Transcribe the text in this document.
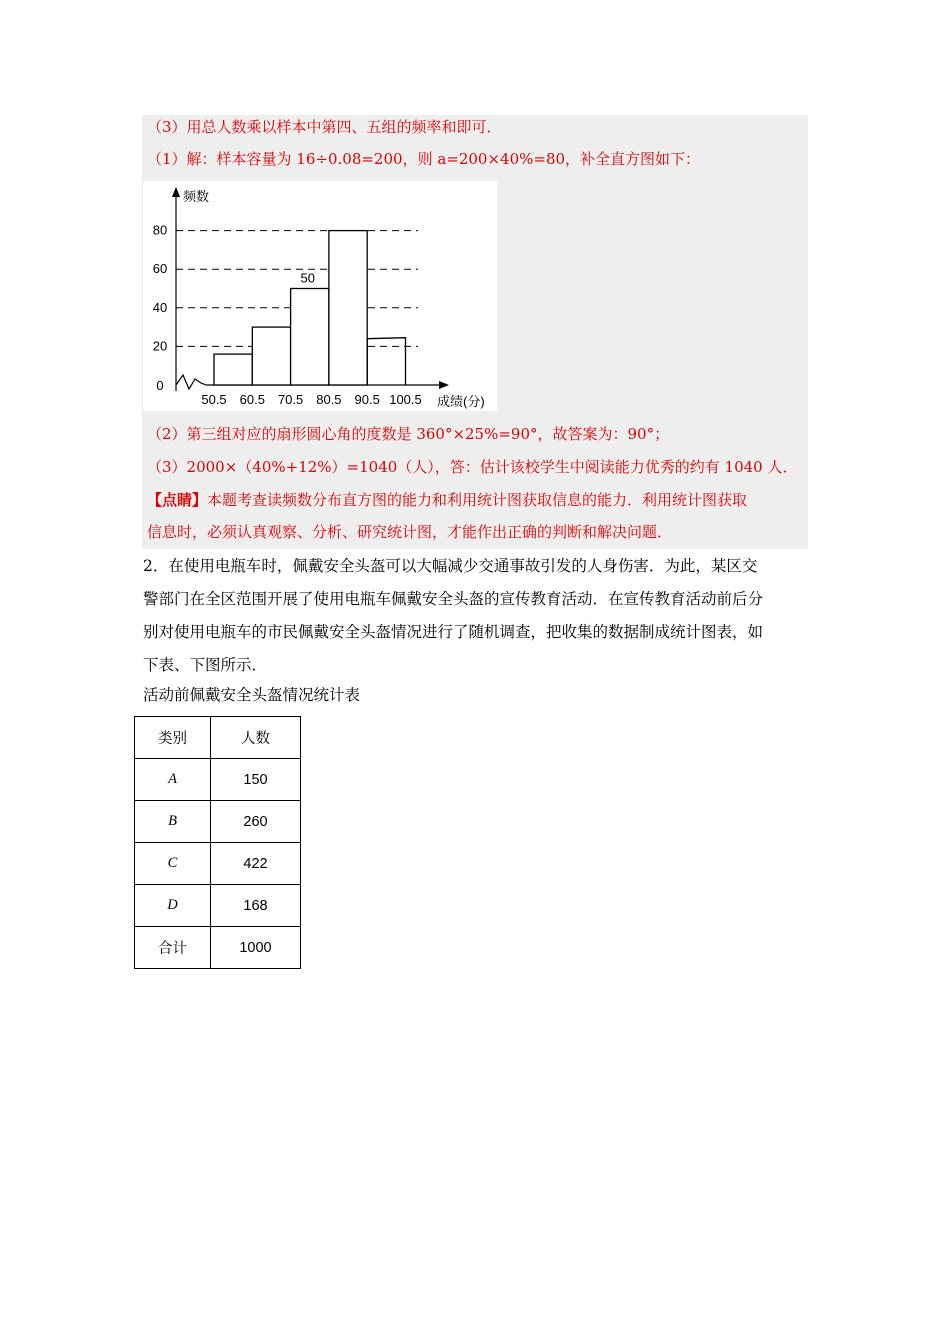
（3）用总人数乘以样本中第四、五组的频率和即可．
（1）解：样本容量为 16÷0.08=200，则 a=200×40%=80，补全直方图如下：
0
20
40
60
80
50.5 60.5 70.5 80.5 90.5 100.5
50
频数
成绩(分)
（2）第三组对应的扇形圆心角的度数是 360°×25%=90°，故答案为：90°；
（3）2000×（40%+12%）=1040（人），答：估计该校学生中阅读能力优秀的约有 1040 人．
【点睛】本题考查读频数分布直方图的能力和利用统计图获取信息的能力．利用统计图获取
信息时，必须认真观察、分析、研究统计图，才能作出正确的判断和解决问题．
2．在使用电瓶车时，佩戴安全头盔可以大幅减少交通事故引发的人身伤害．为此，某区交
警部门在全区范围开展了使用电瓶车佩戴安全头盔的宣传教育活动．在宣传教育活动前后分
别对使用电瓶车的市民佩戴安全头盔情况进行了随机调查，把收集的数据制成统计图表，如
下表、下图所示．
活动前佩戴安全头盔情况统计表
类别	人数
A	150
B	260
C	422
D	168
合计	1000
